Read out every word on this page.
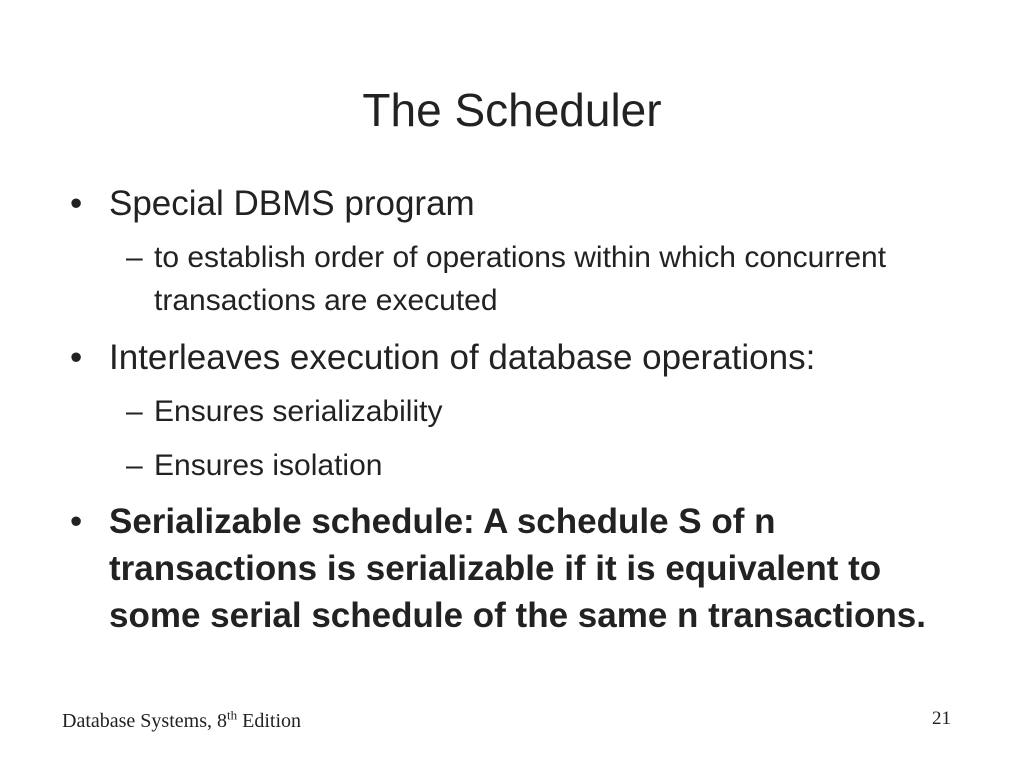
The Scheduler
• Special DBMS program
– to establish order of operations within which concurrent transactions are executed
• Interleaves execution of database operations:
– Ensures serializability
– Ensures isolation
• Serializable schedule: A schedule S of n transactions is serializable if it is equivalent to some serial schedule of the same n transactions.
Database Systems, 8th Edition	21
